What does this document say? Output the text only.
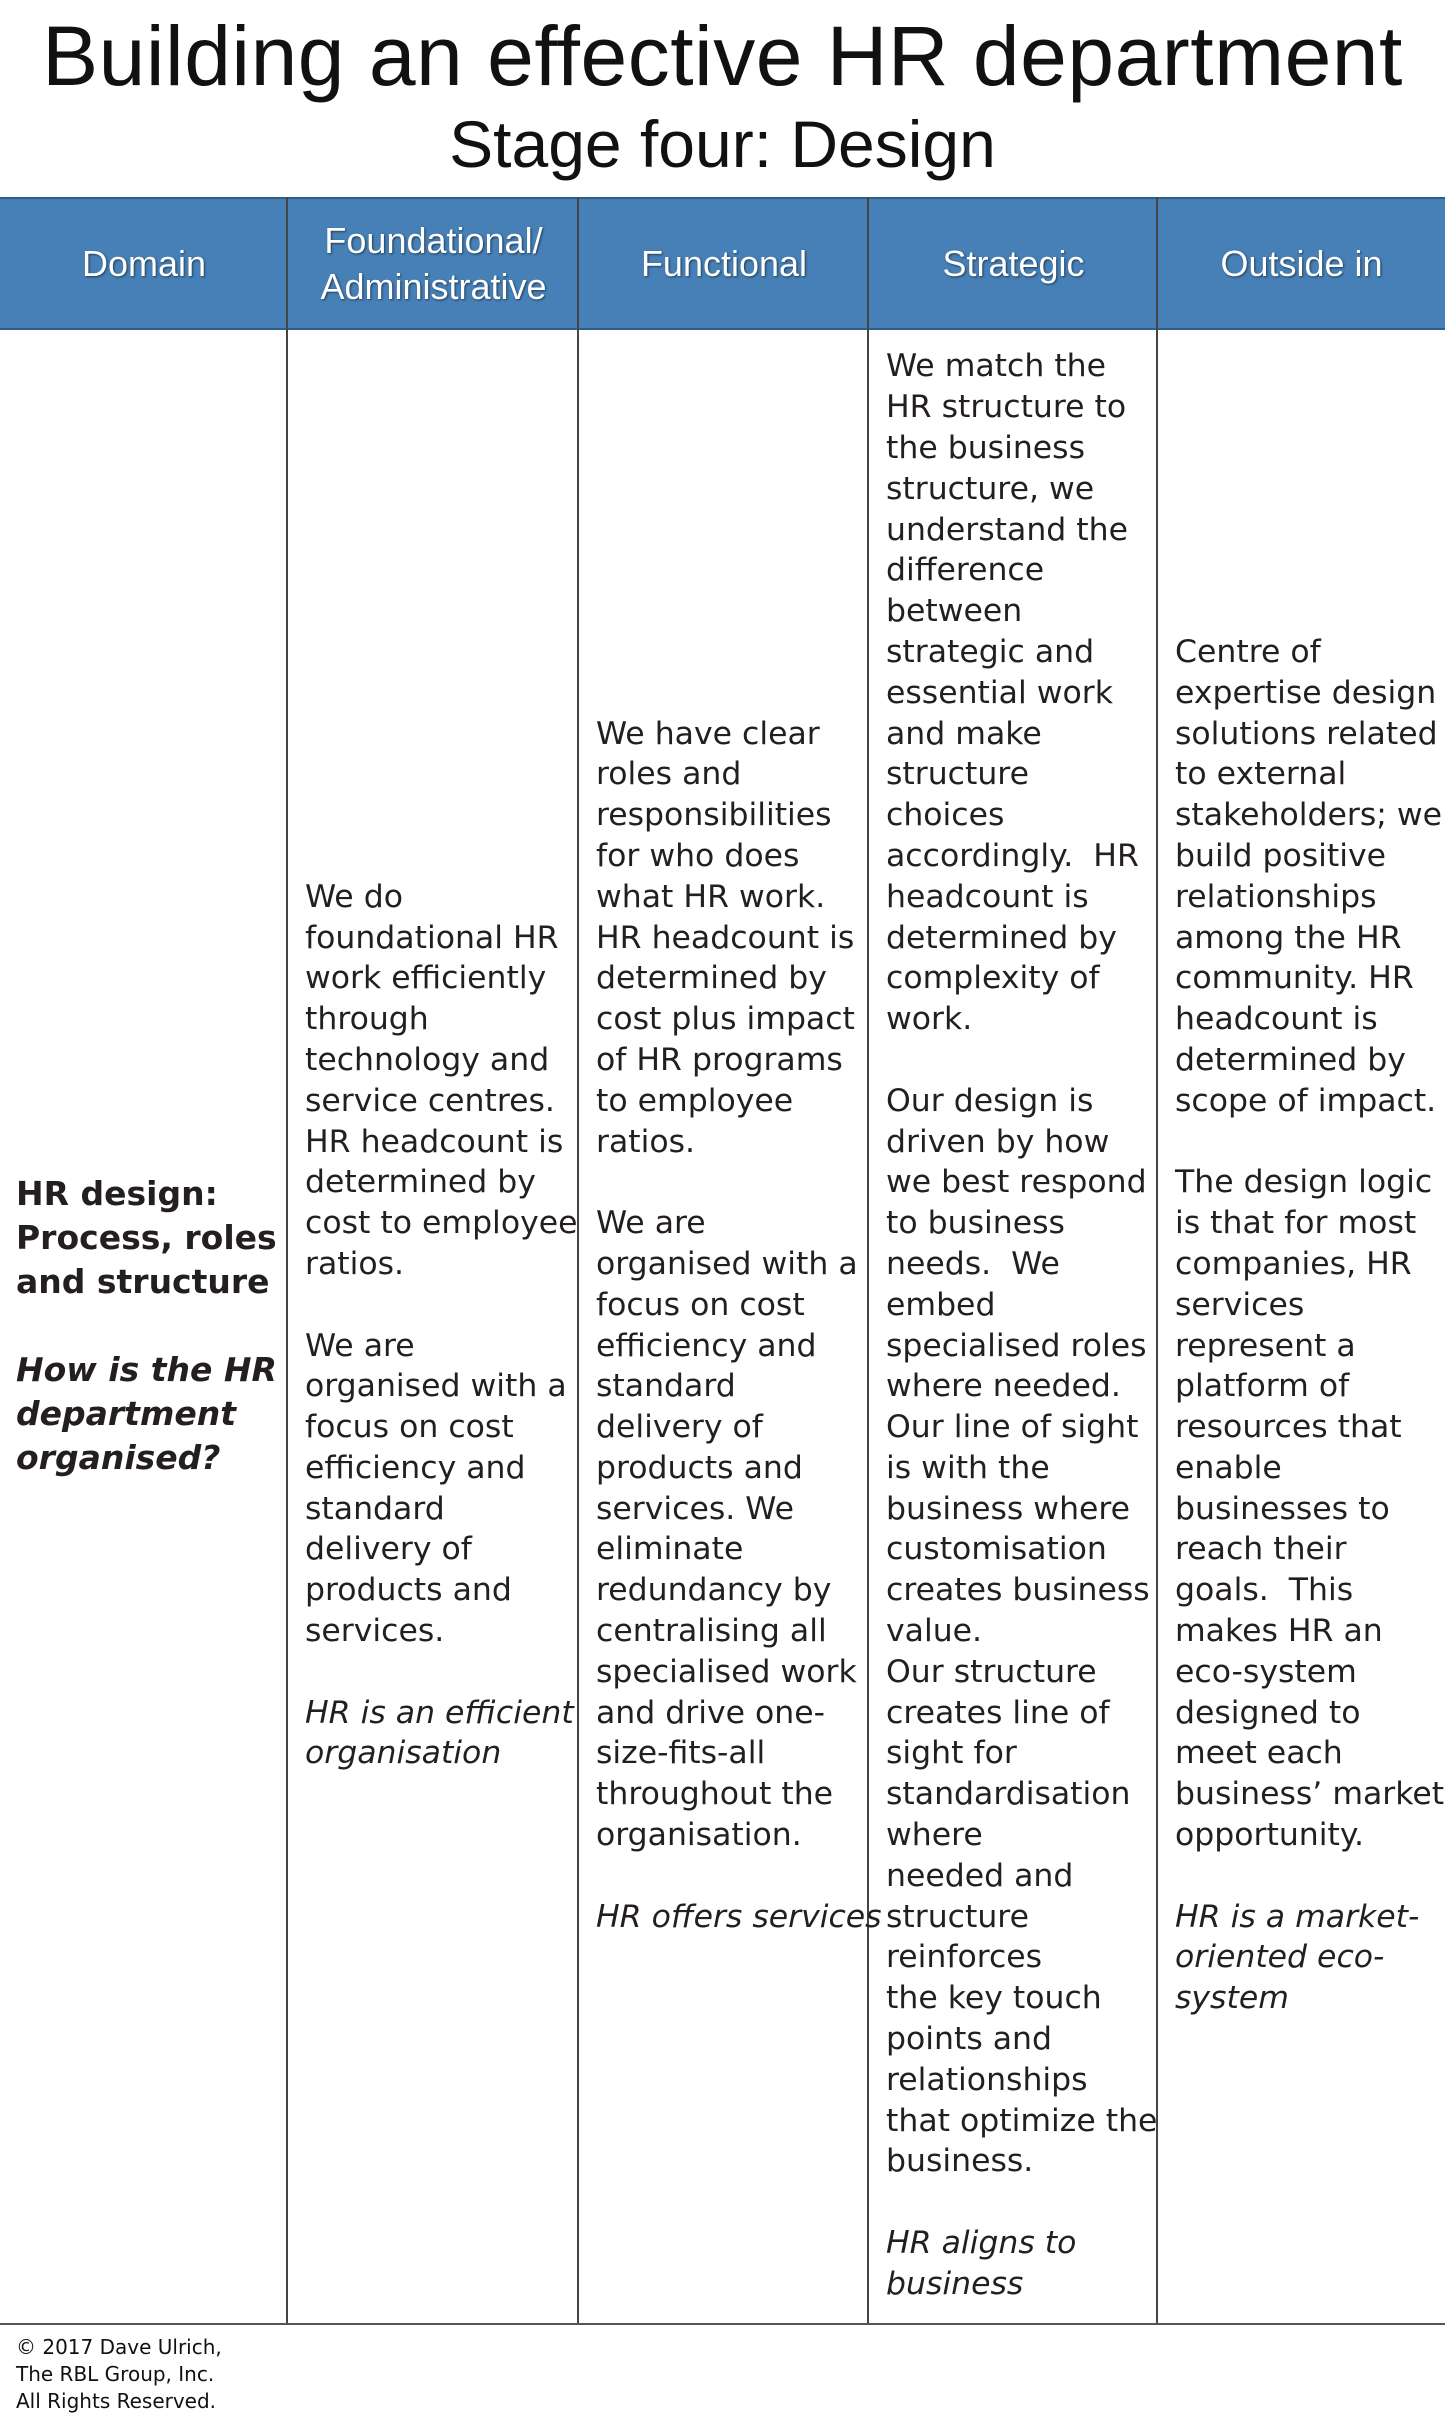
Building an effective HR department
Stage four: Design
Domain
Foundational/
Administrative
Functional	Strategic	Outside in
HR design:
Process, roles
and structure
How is the HR
department
organised?
We do
foundational HR
work efficiently
through
technology and
service centres.
HR headcount is
determined by
cost to employee
ratios.
We are
organised with a
focus on cost
efficiency and
standard
delivery of
products and
services.
HR is an efficient
organisation
We have clear
roles and
responsibilities
for who does
what HR work.
HR headcount is
determined by
cost plus impact
of HR programs
to employee
ratios.
We are
organised with a
focus on cost
efficiency and
standard
delivery of
products and
services. We
eliminate
redundancy by
centralising all
specialised work
and drive one-
size-fits-all
throughout the
organisation.
HR offers services
We match the
HR structure to
the business
structure, we
understand the
difference
between
strategic and
essential work
and make
structure
choices
accordingly.  HR
headcount is
determined by
complexity of
work.
Our design is
driven by how
we best respond
to business
needs.  We
embed
specialised roles
where needed.
Our line of sight
is with the
business where
customisation
creates business
value.
Our structure
creates line of
sight for
standardisation
where
needed and
structure
reinforces
the key touch
points and
relationships
that optimize the
business.
HR aligns to
business
Centre of
expertise design
solutions related
to external
stakeholders; we
build positive
relationships
among the HR
community. HR
headcount is
determined by
scope of impact.
The design logic
is that for most
companies, HR
services
represent a
platform of
resources that
enable
businesses to
reach their
goals.  This
makes HR an
eco-system
designed to
meet each
business’ market
opportunity.
HR is a market-
oriented eco-
system
© 2017 Dave Ulrich,
The RBL Group, Inc.
All Rights Reserved.
